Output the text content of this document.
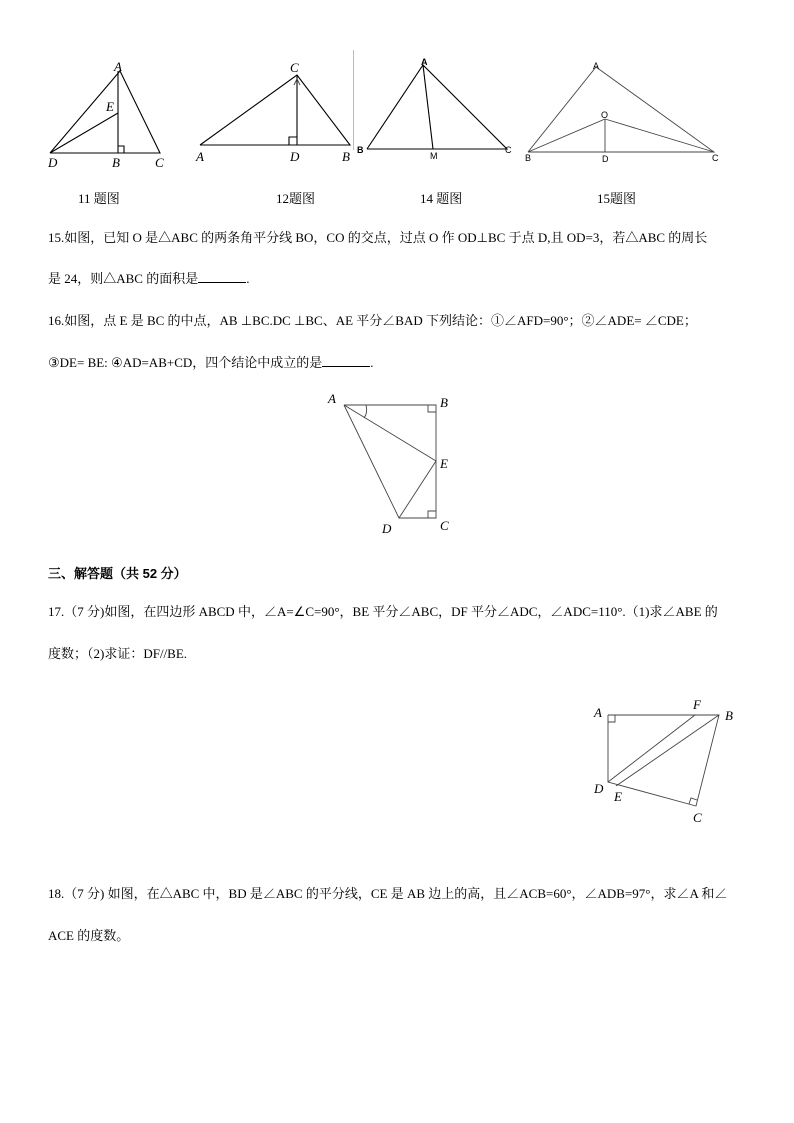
A
E
D	B	C
11 题图
C
A	D	B
12题图
A
B
M
C
14 题图
A
O
B	D	C
15题图
15.如图，已知 O 是△ABC 的两条角平分线 BO，CO 的交点，过点 O 作 OD⊥BC 于点 D,且 OD=3，若△ABC 的周长
是 24，则△ABC 的面积是	.
16.如图，点 E 是 BC 的中点，AB ⊥BC.DC ⊥BC、AE 平分∠BAD 下列结论：①∠AFD=90°；②∠ADE= ∠CDE；
③DE= BE: ④AD=AB+CD，四个结论中成立的是	.
A	B
E
D	C
三、解答题（共 52 分）
17.（7 分)如图，在四边形 ABCD 中，∠A=∠C=90°，BE 平分∠ABC，DF 平分∠ADC，∠ADC=110°.（1)求∠ABE 的
度数；（2)求证：DF//BE.
A
F
B
D
E
C
18.（7 分) 如图，在△ABC 中，BD 是∠ABC 的平分线，CE 是 AB 边上的高，且∠ACB=60°，∠ADB=97°，求∠A 和∠
ACE 的度数。
